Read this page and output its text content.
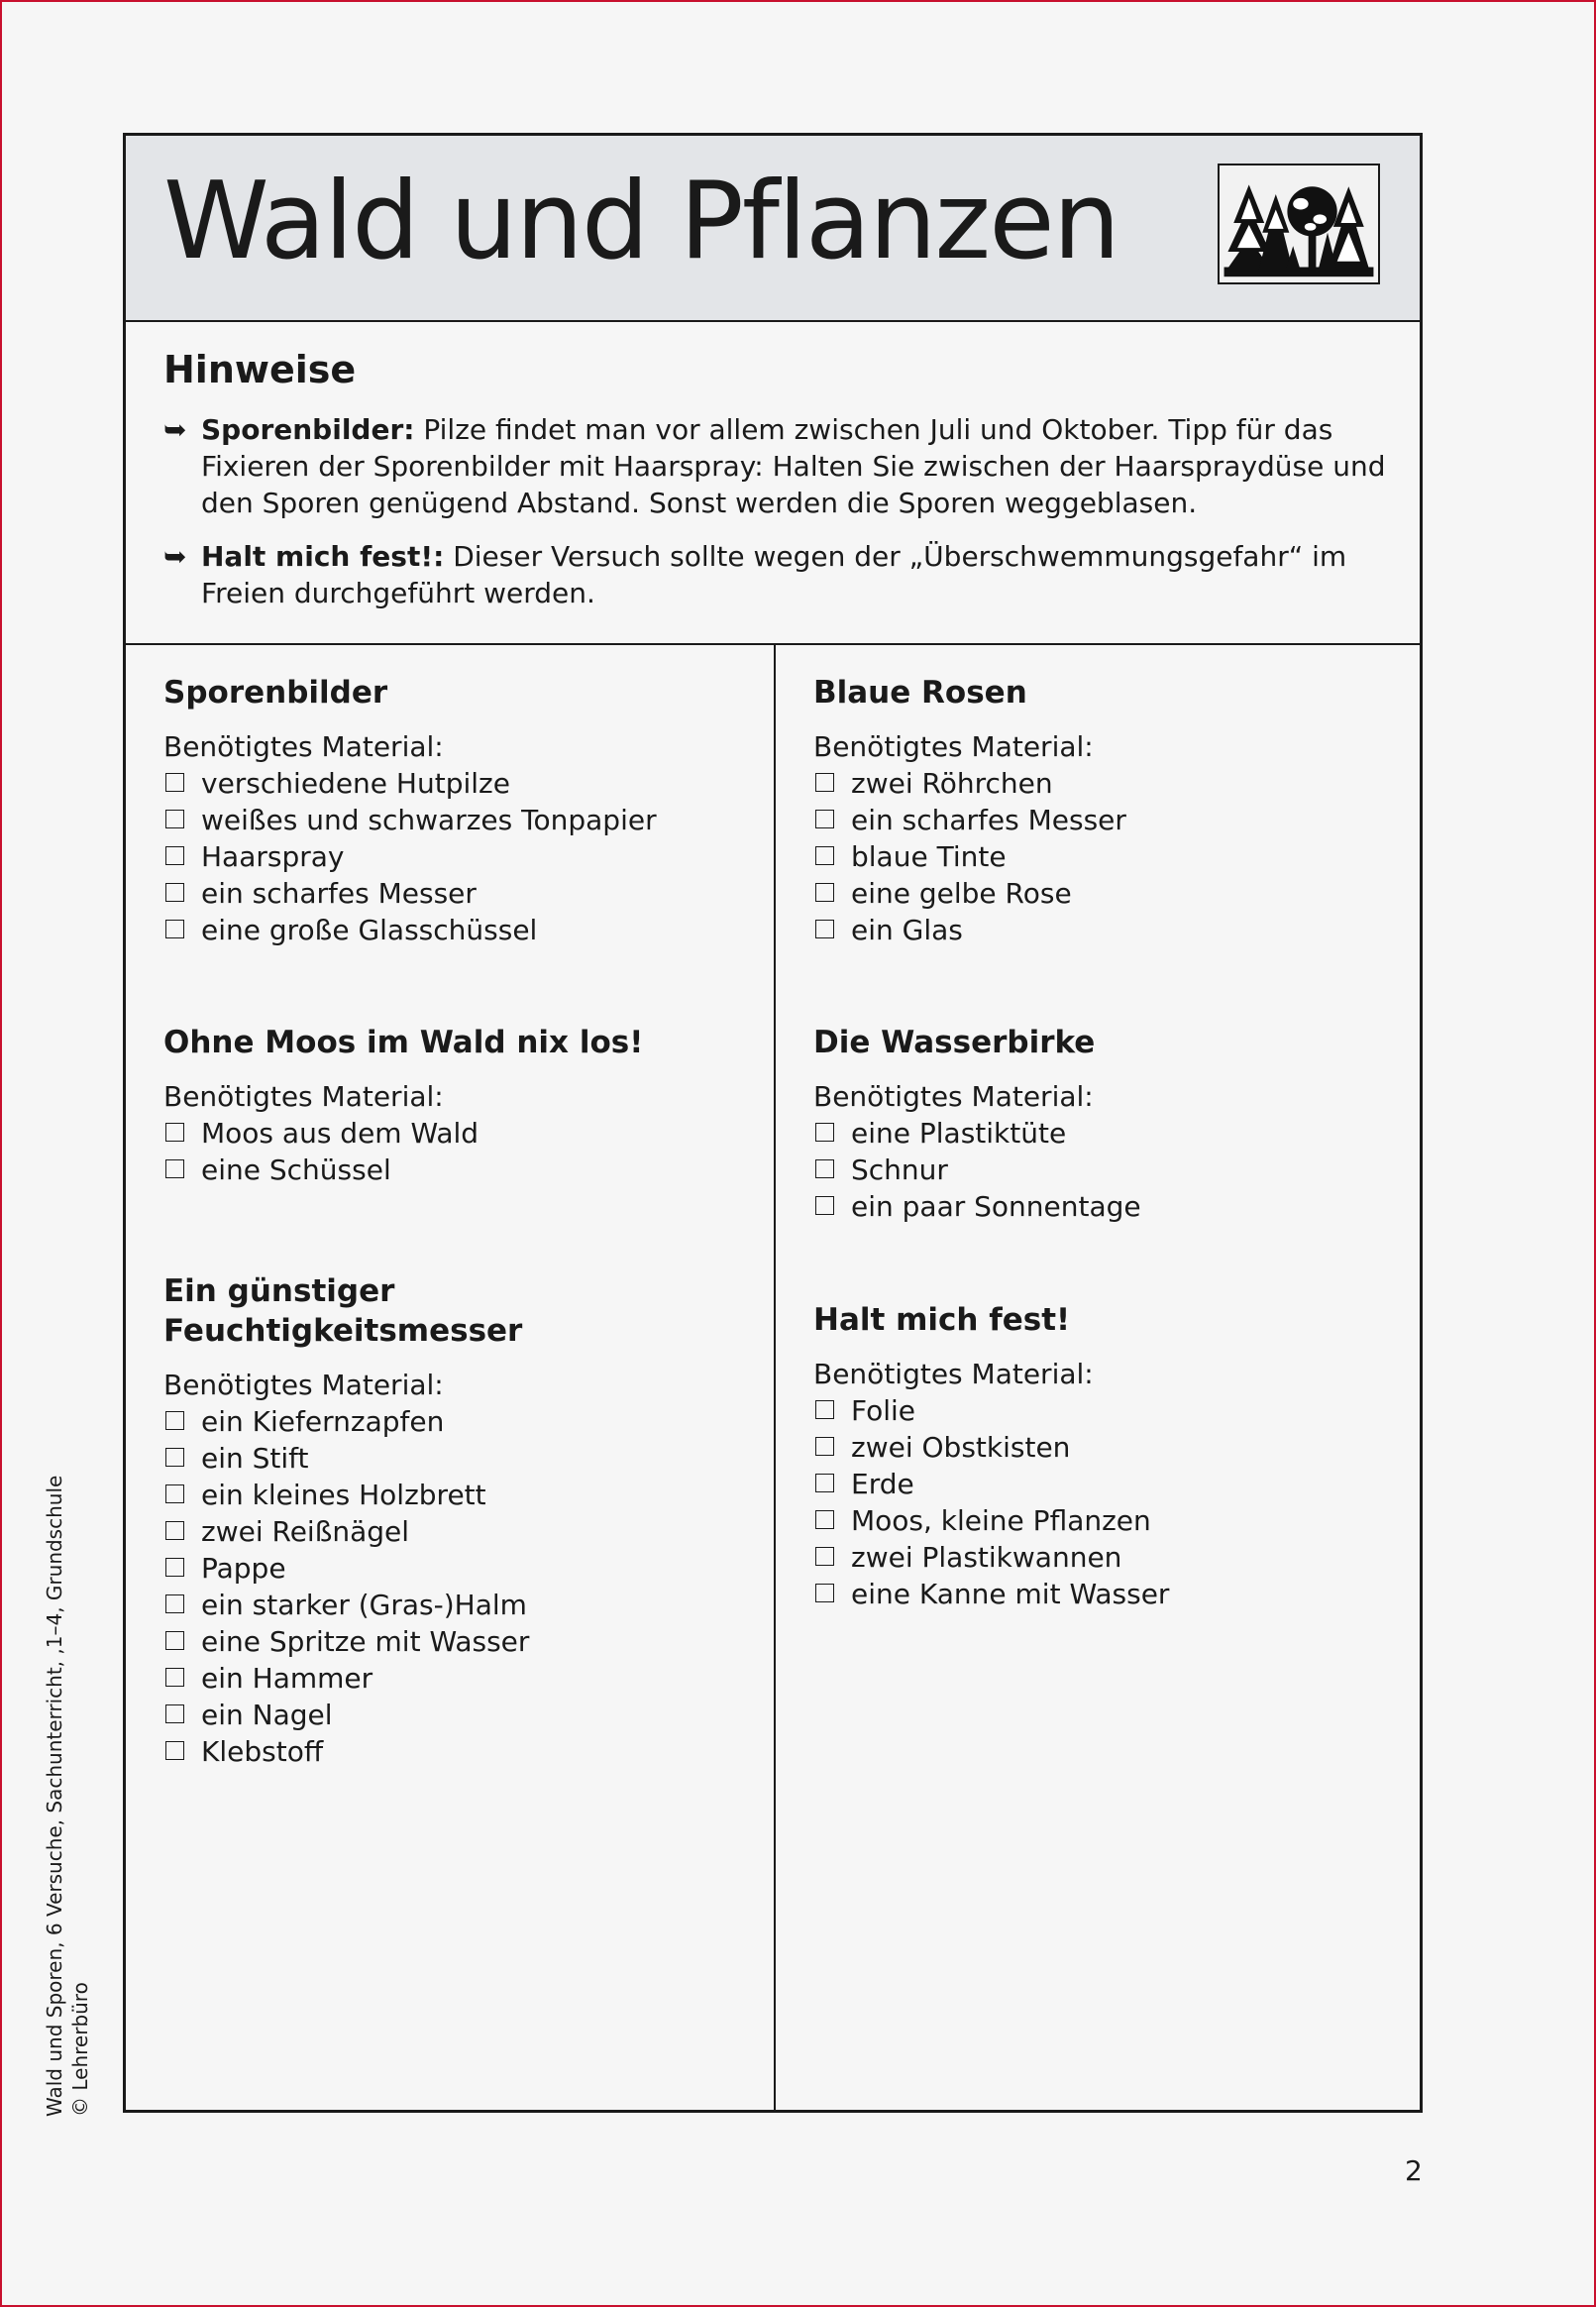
Wald und Pflanzen
Hinweise
➥ Sporenbilder: Pilze findet man vor allem zwischen Juli und Oktober. Tipp für das Fixieren der Sporenbilder mit Haarspray: Halten Sie zwischen der Haarspraydüse und den Sporen genügend Abstand. Sonst werden die Sporen weggeblasen.
➥ Halt mich fest!: Dieser Versuch sollte wegen der „Überschwemmungsgefahr“ im Freien durchgeführt werden.
Sporenbilder
Benötigtes Material:
verschiedene Hutpilze
weißes und schwarzes Tonpapier
Haarspray
ein scharfes Messer
eine große Glasschüssel
Ohne Moos im Wald nix los!
Benötigtes Material:
Moos aus dem Wald
eine Schüssel
Ein günstiger Feuchtigkeitsmesser
Benötigtes Material:
ein Kiefernzapfen
ein Stift
ein kleines Holzbrett
zwei Reißnägel
Pappe
ein starker (Gras-)Halm
eine Spritze mit Wasser
ein Hammer
ein Nagel
Klebstoff
Blaue Rosen
Benötigtes Material:
zwei Röhrchen
ein scharfes Messer
blaue Tinte
eine gelbe Rose
ein Glas
Die Wasserbirke
Benötigtes Material:
eine Plastiktüte
Schnur
ein paar Sonnentage
Halt mich fest!
Benötigtes Material:
Folie
zwei Obstkisten
Erde
Moos, kleine Pflanzen
zwei Plastikwannen
eine Kanne mit Wasser
Wald und Sporen, 6 Versuche, Sachunterricht, ,1–4, Grundschule © Lehrerbüro
2
